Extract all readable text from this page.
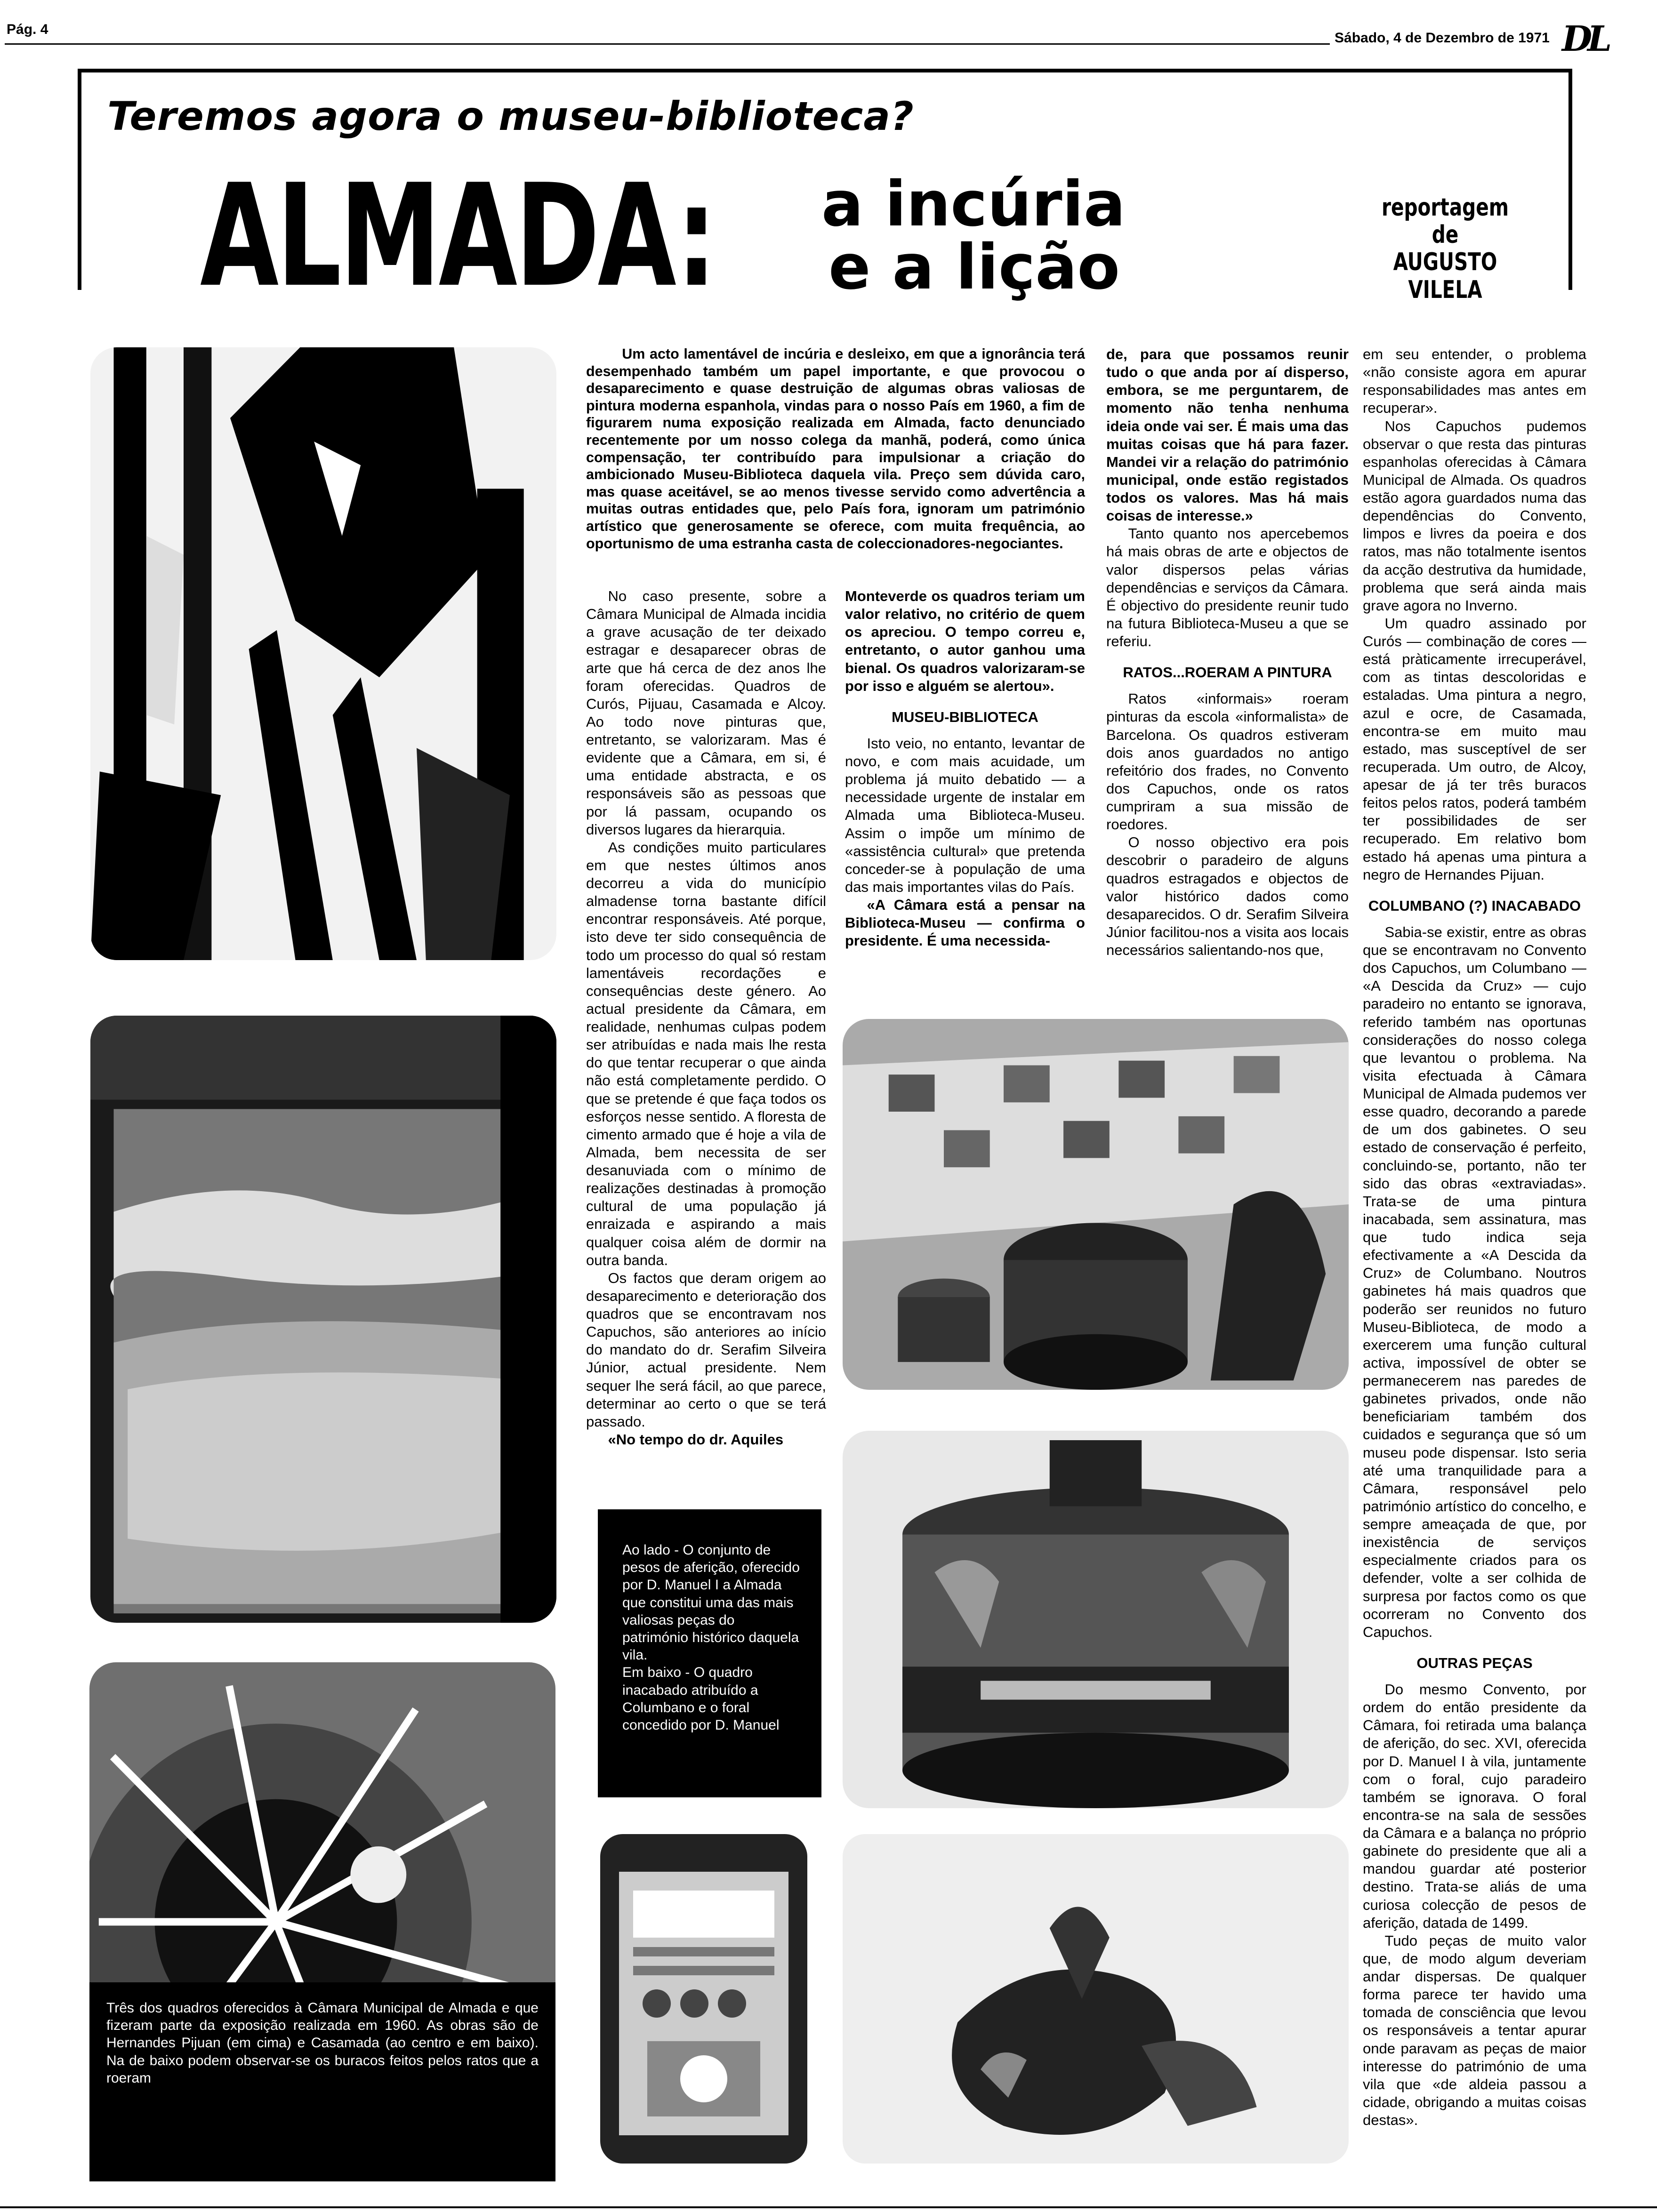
Pág. 4
Sábado, 4 de Dezembro de 1971 DL
Teremos agora o museu-biblioteca?
ALMADA: a incúria
e a lição
reportagem
de
AUGUSTO VILELA
Três dos quadros oferecidos à Câmara Municipal de Almada e que fizeram parte da exposição realizada em 1960. As obras são de Hernandes Pijuan (em cima) e Casamada (ao centro e em baixo). Na de baixo podem observar-se os buracos feitos pelos ratos que a roeram
Um acto lamentável de incúria e desleixo, em que a ignorância terá desempenhado também um papel importante, e que provocou o desaparecimento e quase destruição de algumas obras valiosas de pintura moderna espanhola, vindas para o nosso País em 1960, a fim de figurarem numa exposição realizada em Almada, facto denunciado recentemente por um nosso colega da manhã, poderá, como única compensação, ter contribuído para impulsionar a criação do ambicionado Museu-Biblioteca daquela vila. Preço sem dúvida caro, mas quase aceitável, se ao menos tivesse servido como advertência a muitas outras entidades que, pelo País fora, ignoram um património artístico que generosamente se oferece, com muita frequência, ao oportunismo de uma estranha casta de coleccionadores-negociantes.

No caso presente, sobre a Câmara Municipal de Almada incidia a grave acusação de ter deixado estragar e desaparecer obras de arte que há cerca de dez anos lhe foram oferecidas. Quadros de Curós, Pijuau, Casamada e Alcoy. Ao todo nove pinturas que, entretanto, se valorizaram. Mas é evidente que a Câmara, em si, é uma entidade abstracta, e os responsáveis são as pessoas que por lá passam, ocupando os diversos lugares da hierarquia.

As condições muito particulares em que nestes últimos anos decorreu a vida do município almadense torna bastante difícil encontrar responsáveis. Até porque, isto deve ter sido consequência de todo um processo do qual só restam lamentáveis recordações e consequências deste género. Ao actual presidente da Câmara, em realidade, nenhumas culpas podem ser atribuídas e nada mais lhe resta do que tentar recuperar o que ainda não está completamente perdido. O que se pretende é que faça todos os esforços nesse sentido. A floresta de cimento armado que é hoje a vila de Almada, bem necessita de ser desanuviada com o mínimo de realizações destinadas à promoção cultural de uma população já enraizada e aspirando a mais qualquer coisa além de dormir na outra banda.

Os factos que deram origem ao desaparecimento e deterioração dos quadros que se encontravam nos Capuchos, são anteriores ao início do mandato do dr. Serafim Silveira Júnior, actual presidente. Nem sequer lhe será fácil, ao que parece, determinar ao certo o que se terá passado.

«No tempo do dr. Aquiles

Monteverde os quadros teriam um valor relativo, no critério de quem os apreciou. O tempo correu e, entretanto, o autor ganhou uma bienal. Os quadros valorizaram-se por isso e alguém se alertou».

MUSEU-BIBLIOTECA

Isto veio, no entanto, levantar de novo, e com mais acuidade, um problema já muito debatido — a necessidade urgente de instalar em Almada uma Biblioteca-Museu. Assim o impõe um mínimo de «assistência cultural» que pretenda conceder-se à população de uma das mais importantes vilas do País.

«A Câmara está a pensar na Biblioteca-Museu — confirma o presidente. É uma necessida-

de, para que possamos reunir tudo o que anda por aí disperso, embora, se me perguntarem, de momento não tenha nenhuma ideia onde vai ser. É mais uma das muitas coisas que há para fazer. Mandei vir a relação do património municipal, onde estão registados todos os valores. Mas há mais coisas de interesse.»

Tanto quanto nos apercebemos há mais obras de arte e objectos de valor dispersos pelas várias dependências e serviços da Câmara. É objectivo do presidente reunir tudo na futura Biblioteca-Museu a que se referiu.

RATOS...ROERAM A PINTURA

Ratos «informais» roeram pinturas da escola «informalista» de Barcelona. Os quadros estiveram dois anos guardados no antigo refeitório dos frades, no Convento dos Capuchos, onde os ratos cumpriram a sua missão de roedores.

O nosso objectivo era pois descobrir o paradeiro de alguns quadros estragados e objectos de valor histórico dados como desaparecidos. O dr. Serafim Silveira Júnior facilitou-nos a visita aos locais necessários salientando-nos que,

em seu entender, o problema «não consiste agora em apurar responsabilidades mas antes em recuperar».

Nos Capuchos pudemos observar o que resta das pinturas espanholas oferecidas à Câmara Municipal de Almada. Os quadros estão agora guardados numa das dependências do Convento, limpos e livres da poeira e dos ratos, mas não totalmente isentos da acção destrutiva da humidade, problema que será ainda mais grave agora no Inverno.

Um quadro assinado por Curós — combinação de cores — está pràticamente irrecuperável, com as tintas descoloridas e estaladas. Uma pintura a negro, azul e ocre, de Casamada, encontra-se em muito mau estado, mas susceptível de ser recuperada. Um outro, de Alcoy, apesar de já ter três buracos feitos pelos ratos, poderá também ter possibilidades de ser recuperado. Em relativo bom estado há apenas uma pintura a negro de Hernandes Pijuan.

COLUMBANO (?) INACABADO

Sabia-se existir, entre as obras que se encontravam no Convento dos Capuchos, um Columbano — «A Descida da Cruz» — cujo paradeiro no entanto se ignorava, referido também nas oportunas considerações do nosso colega que levantou o problema. Na visita efectuada à Câmara Municipal de Almada pudemos ver esse quadro, decorando a parede de um dos gabinetes. O seu estado de conservação é perfeito, concluindo-se, portanto, não ter sido das obras «extraviadas». Trata-se de uma pintura inacabada, sem assinatura, mas que tudo indica seja efectivamente a «A Descida da Cruz» de Columbano. Noutros gabinetes há mais quadros que poderão ser reunidos no futuro Museu-Biblioteca, de modo a exercerem uma função cultural activa, impossível de obter se permanecerem nas paredes de gabinetes privados, onde não beneficiariam também dos cuidados e segurança que só um museu pode dispensar. Isto seria até uma tranquilidade para a Câmara, responsável pelo património artístico do concelho, e sempre ameaçada de que, por inexistência de serviços especialmente criados para os defender, volte a ser colhida de surpresa por factos como os que ocorreram no Convento dos Capuchos.

OUTRAS PEÇAS

Do mesmo Convento, por ordem do então presidente da Câmara, foi retirada uma balança de aferição, do sec. XVI, oferecida por D. Manuel I à vila, juntamente com o foral, cujo paradeiro também se ignorava. O foral encontra-se na sala de sessões da Câmara e a balança no próprio gabinete do presidente que ali a mandou guardar até posterior destino. Trata-se aliás de uma curiosa colecção de pesos de aferição, datada de 1499.

Tudo peças de muito valor que, de modo algum deveriam andar dispersas. De qualquer forma parece ter havido uma tomada de consciência que levou os responsáveis a tentar apurar onde paravam as peças de maior interesse do património de uma vila que «de aldeia passou a cidade, obrigando a muitas coisas destas».

Ao lado - O conjunto de pesos de aferição, oferecido por D. Manuel I a Almada que constitui uma das mais valiosas peças do património histórico daquela vila.
Em baixo - O quadro inacabado atribuído a Columbano e o foral concedido por D. Manuel
